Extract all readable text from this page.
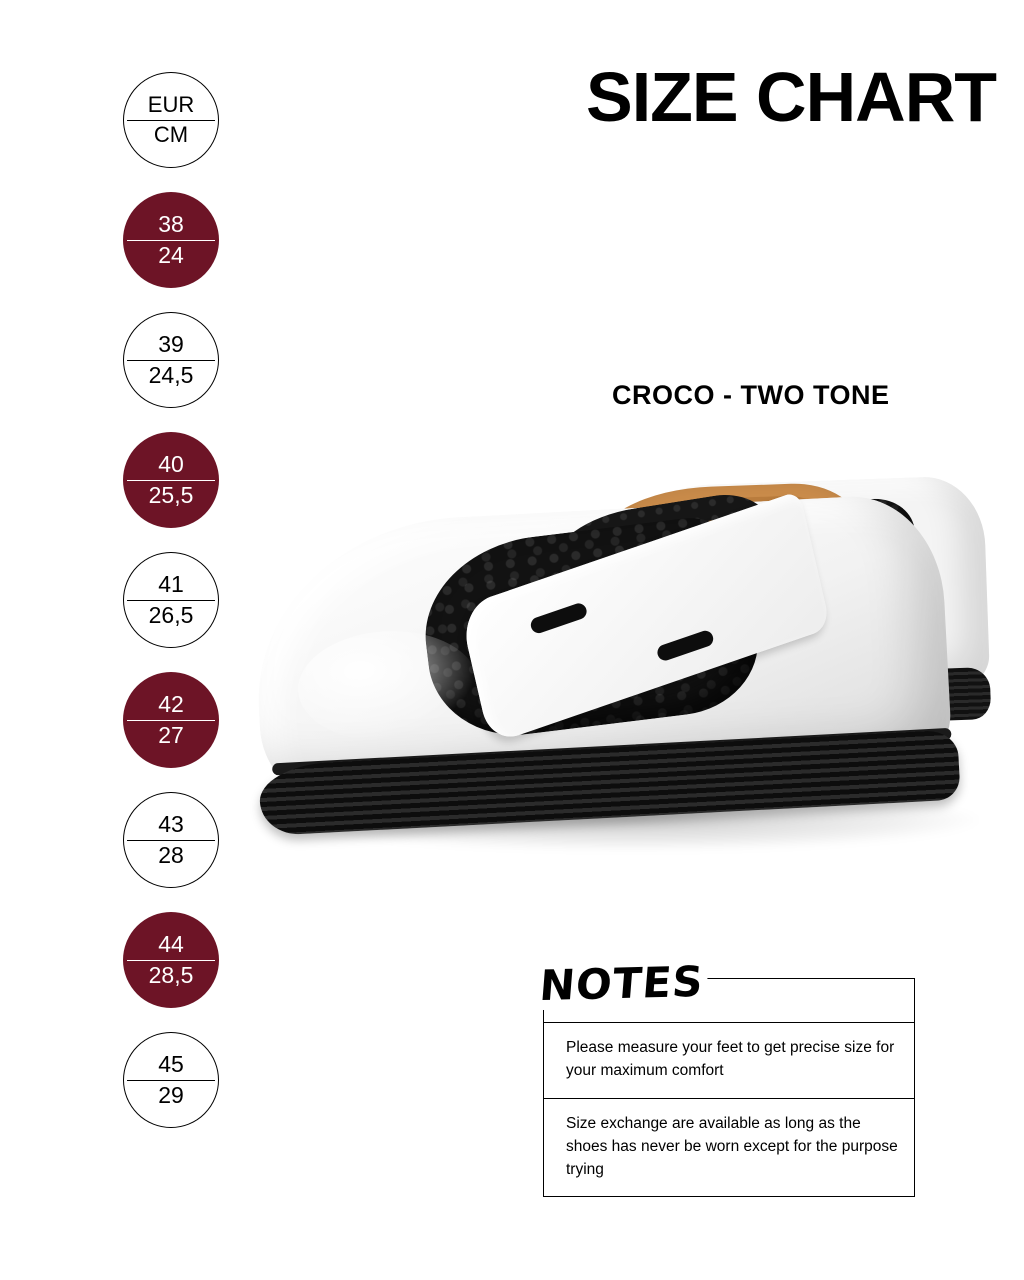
SIZE CHART
CROCO - TWO TONE
EUR
CM
38
24
39
24,5
40
25,5
41
26,5
42
27
43
28
44
28,5
45
29
NOTES
Please measure your feet to get precise size for your maximum comfort
Size exchange are available as long as the shoes has never be worn except for the purpose trying
